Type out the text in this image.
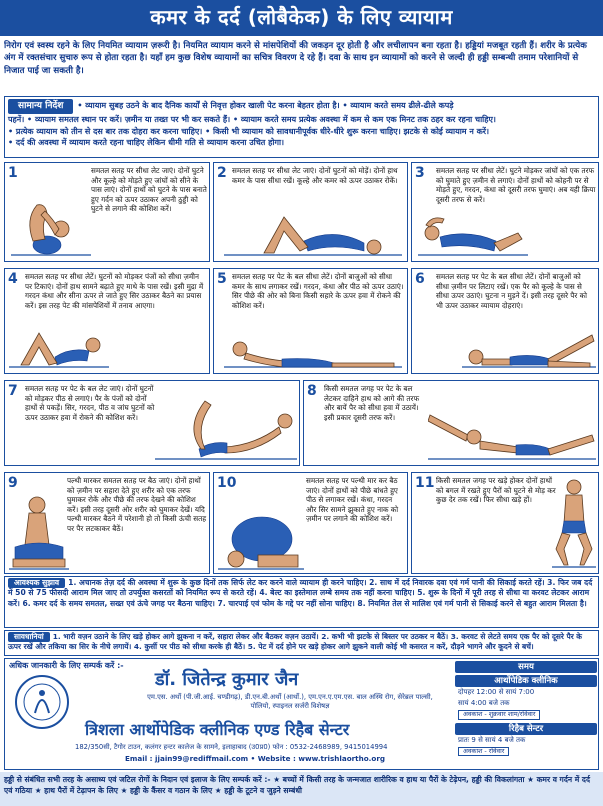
कमर के दर्द (लोबैकेक) के लिए व्यायाम
निरोग एवं स्वस्थ रहने के लिए नियमित व्यायाम ज़रूरी है। नियमित व्यायाम करने से मांसपेशियों की जकड़न दूर होती है और लचीलापन बना रहता है। हड्डियां मजबूत रहती हैं। शरीर के प्रत्येक अंग में रक्तसंचार सुचारु रूप से होता रहता है। यहाँ हम कुछ विशेष व्यायामों का सचित्र विवरण दे रहे हैं। दवा के साथ इन व्यायामों को करने से जल्दी ही हड्डी सम्बन्धी तमाम परेशानियों से निजात पाई जा सकती है।
सामान्य निर्देश • व्यायाम सुबह उठने के बाद दैनिक कार्यों से निवृत्त होकर खाली पेट करना बेहतर होता है। • व्यायाम करते समय ढीले-ढीले कपड़े
पहनें। • व्यायाम समतल स्थान पर करें। ज़मीन या तख्त पर भी कर सकते हैं। • व्यायाम करते समय प्रत्येक अवस्था में कम से कम एक मिनट तक ठहर कर रहना चाहिए।
• प्रत्येक व्यायाम को तीन से दस बार तक दोहरा कर करना चाहिए। • किसी भी व्यायाम को सावधानीपूर्वक धीरे-धीरे शुरू करना चाहिए। झटके से कोई व्यायाम न करें।
• दर्द की अवस्था में व्यायाम करते रहना चाहिए लेकिन धीमी गति से व्यायाम करना उचित होगा।
1	समतल सतह पर सीधा लेट जाएं। दोनों घुटने और कूल्हे को मोड़ते हुए जांघों को सीने के पास लाएं। दोनों हाथों को घुटने के पास बनाते हुए गर्दन को ऊपर उठाकर अपनी ठुड्डी को घुटने से लगाने की कोशिश करें।
2 समतल सतह पर सीधा लेट जाएं। दोनों घुटनों को मोड़ें। दोनों हाथ कमर के पास सीधा रखें। कूल्हे और कमर को ऊपर उठाकर रोकें।	3 समतल सतह पर सीधा लेटें। घुटने मोड़कर जांघों को एक तरफ को घुमाते हुए ज़मीन से लगाएं। दोनों हाथों को कोहनी पर से मोड़ते हुए, गरदन, कंधा को दूसरी तरफ घुमाएं। अब यही क्रिया दूसरी तरफ से करें।
4 समतल सतह पर सीधा लेटें। घुटनों को मोड़कर पंजों को सीधा ज़मीन पर टिकाएं। दोनों हाथ सामने बढ़ाते हुए माथे के पास रखें। इसी मुद्रा में गरदन कंधा और सीना ऊपर ले जाते हुए सिर उठाकर बैठने का प्रयास करें। इस तरह पेट की मांसपेशियों में तनाव आएगा।
5 समतल सतह पर पेट के बल सीधा लेटें। दोनों बाजुओं को सीधा कमर के साथ लगाकर रखें। गरदन, कंधा और पीठ को ऊपर उठाएं। सिर पीछे की ओर को बिना किसी सहारे के ऊपर हवा में रोकने की कोशिश करें।
6 समतल सतह पर पेट के बल सीधा लेटें। दोनों बाजुओं को सीधा ज़मीन पर लिटाए रखें। एक पैर को कूल्हे के पास से सीधा ऊपर उठाएं। घुटना न मुड़ने दें। इसी तरह दूसरे पैर को भी ऊपर उठाकर व्यायाम दोहराएं।
7 समतल सतह पर पेट के बल लेट जाएं। दोनों घुटनों को मोड़कर पीठ से लगाएं। पैर के पंजों को दोनों हाथों से पकड़ें। सिर, गरदन, पीठ व जांघ घुटनों को ऊपर उठाकर हवा में रोकने की कोशिश करें।
8 किसी समतल जगह पर पेट के बल लेटकर दाहिने हाथ को आगे की तरफ और बायें पैर को सीधा हवा में उठायें। इसी प्रकार दूसरी तरफ करें।
9	पल्थी मारकर समतल सतह पर बैठ जाएं। दोनों हाथों को ज़मीन पर सहारा देते हुए शरीर को एक तरफ घुमाकर रोकें और पीछे की तरफ देखने की कोशिश करें। इसी तरह दूसरी ओर शरीर को घुमाकर देखें। यदि पल्थी मारकर बैठने में परेशानी हो तो किसी ऊंची सतह पर पैर लटकाकर बैठें।
10	समतल सतह पर पल्थी मार कर बैठ जाएं। दोनों हाथों को पीछे बांधते हुए पीठ से लगाकर रखें। कंधा, गरदन और सिर सामने झुकाते हुए नाक को ज़मीन पर लगाने की कोशिश करें।
11 किसी समतल जगह पर खड़े होकर दोनों हाथों को बगल में रखते हुए पैरों को घुटने से मोड़ कर कुछ देर तक रखें। फिर सीधा खड़े हों।
आवश्यक सुझाव 1. अचानक तेज़ दर्द की अवस्था में शुरू के कुछ दिनों तक सिर्फ लेट कर करने वाले व्यायाम ही करने चाहिए। 2. साथ में दर्द निवारक दवा एवं गर्म पानी की सिकाई करते रहें। 3. फिर जब दर्द में 50 से 75 फीसदी आराम मिल जाए तो उपर्युक्त कसरतों को नियमित रूप से करते रहें। 4. बेल्ट का इस्तेमाल लम्बे समय तक नहीं करना चाहिए। 5. शुरू के दिनों में पूरी तरह से सीधा या करवट लेटकर आराम करें। 6. कमर दर्द के समय समतल, सख्त एवं ऊंचे जगह पर बैठना चाहिए। 7. चारपाई एवं फोम के गद्दे पर नहीं सोना चाहिए। 8. नियमित तेल से मालिश एवं गर्म पानी से सिकाई करने से बहुत आराम मिलता है।
सावधानियां 1. भारी वज़न उठाने के लिए खड़े होकर आगे झुकना न करें, सहारा लेकर और बैठकर वज़न उठायें। 2. कभी भी झटके से बिस्तर पर उठकर न बैठें। 3. करवट से लेटते समय एक पैर को दूसरे पैर के ऊपर रखें और तकिया का सिर के नीचे लगायें। 4. कुर्सी पर पीठ को सीधा करके ही बैठें। 5. पेट में दर्द होने पर खड़े होकर आगे झुकने वाली कोई भी कसरत न करें, दौड़ने भागने और कूदने से बचें।
अधिक जानकारी के लिए सम्पर्क करें :-
डॉ. जितेन्द्र कुमार जैन
एम.एस. अर्थो (पी.जी.आई. चण्डीगढ़), डी.एन.बी.अर्थो (आर्थो.), एम.एन.ए.एम.एस. बाल अस्थि रोग, सेरेब्रल पाल्सी, पोलियो, स्पाइनल सर्जरी विशेषज्ञ
त्रिशला आर्थोपेडिक क्लीनिक एण्ड रिहैब सेन्टर
182/350सी, टैगोर टाउन, कलंगर हन्टर कालेज के सामने, इलाहाबाद (उ0प्र0) फोन : 0532-2468989, 9415014994
Email : jjain99@rediffmail.com • Website : www.trishlaortho.org
समय
आर्थोपेडिक क्लीनिक
दोपहर 12:00 से सायं 7:00
सायं 4:00 बजे तक
अवकाश - शुक्रवार शाम/रविवार
रिहैब सेन्टर
प्रातः 9 से सायं 4 बजे तक
अवकाश - रविवार
हड्डी से संबंधित सभी तरह के असाध्य एवं जटिल रोगों के निदान एवं इलाज के लिए सम्पर्क करें :- ★ बच्चों में किसी तरह के जन्मजात शारीरिक व हाथ या पैरों के टेढ़ेपन, हड्डी की विकलांगता ★ कमर व गर्दन में दर्द एवं गठिया ★ हाथ पैरों में टेढ़ापन के लिए ★ हड्डी के कैंसर व गठान के लिए ★ हड्डी के टूटने व जुड़ने सम्बंधी
